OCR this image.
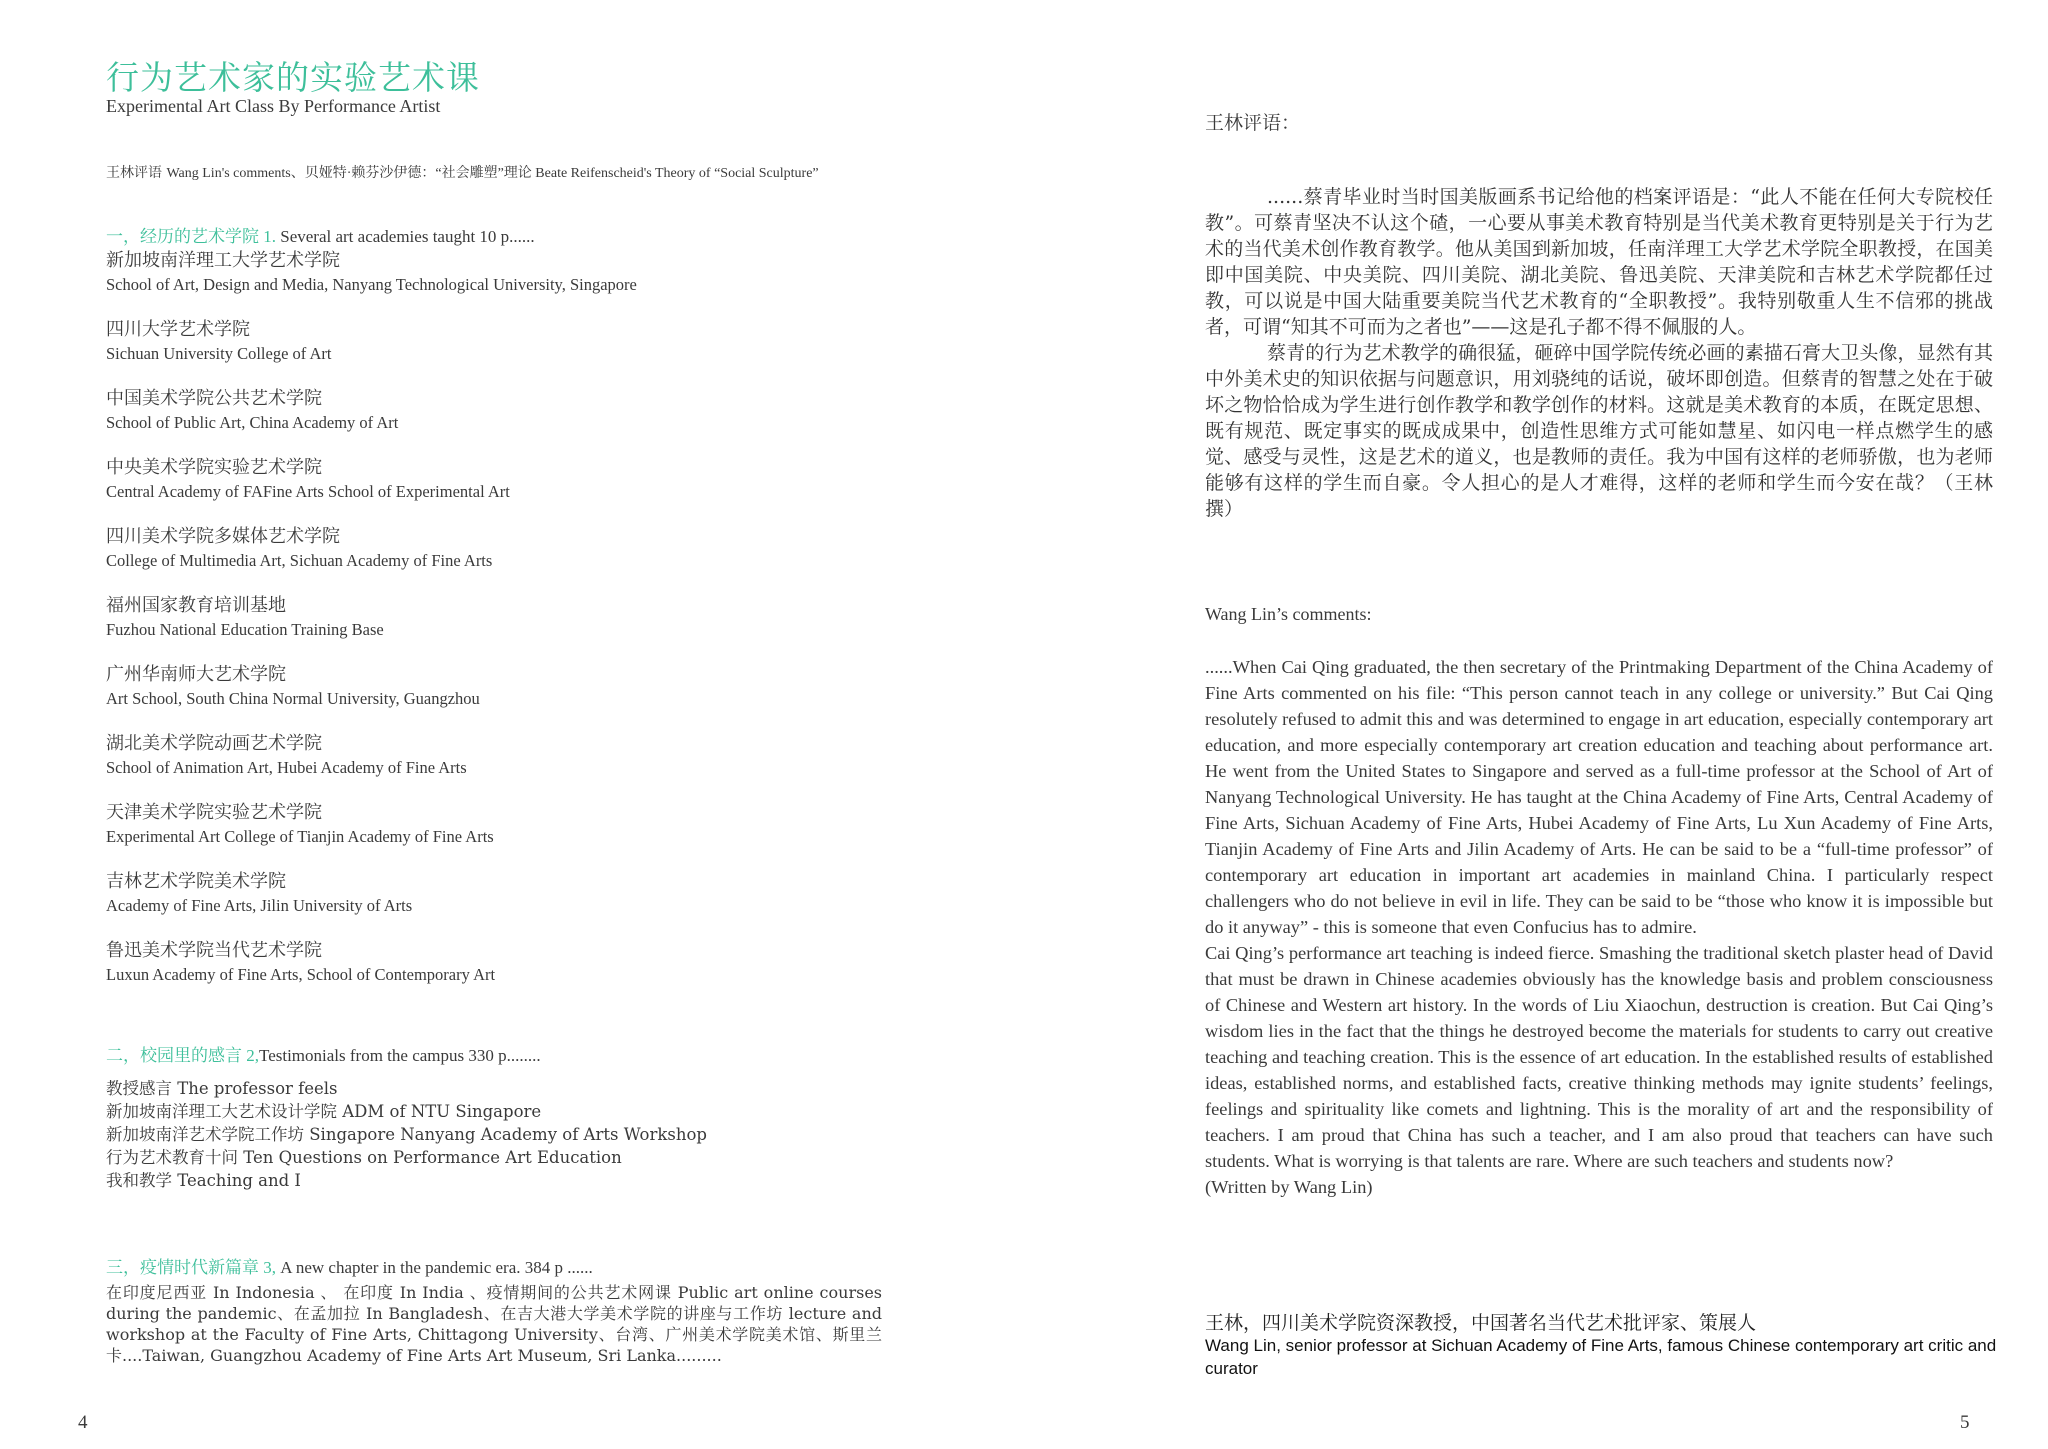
行为艺术家的实验艺术课
Experimental Art Class By Performance Artist
王林评语 Wang Lin's comments、贝娅特·赖芬沙伊德：“社会雕塑”理论 Beate Reifenscheid's Theory of “Social Sculpture”
一，经历的艺术学院 1. Several art academies taught 10 p......
新加坡南洋理工大学艺术学院
School of Art, Design and Media, Nanyang Technological University, Singapore
四川大学艺术学院
Sichuan University College of Art
中国美术学院公共艺术学院
School of Public Art, China Academy of Art
中央美术学院实验艺术学院
Central Academy of FAFine Arts School of Experimental Art
四川美术学院多媒体艺术学院
College of Multimedia Art, Sichuan Academy of Fine Arts
福州国家教育培训基地
Fuzhou National Education Training Base
广州华南师大艺术学院
Art School, South China Normal University, Guangzhou
湖北美术学院动画艺术学院
School of Animation Art, Hubei Academy of Fine Arts
天津美术学院实验艺术学院
Experimental Art College of Tianjin Academy of Fine Arts
吉林艺术学院美术学院
Academy of Fine Arts, Jilin University of Arts
鲁迅美术学院当代艺术学院
Luxun Academy of Fine Arts, School of Contemporary Art
二，校园里的感言 2,Testimonials from the campus 330 p........
教授感言 The professor feels
新加坡南洋理工大艺术设计学院 ADM of NTU Singapore
新加坡南洋艺术学院工作坊 Singapore Nanyang Academy of Arts Workshop
行为艺术教育十问 Ten Questions on Performance Art Education
我和教学 Teaching and I
三，疫情时代新篇章 3, A new chapter in the pandemic era. 384 p ......
在印度尼西亚 In Indonesia 、 在印度 In India 、疫情期间的公共艺术网课 Public art online courses during the pandemic、在孟加拉 In Bangladesh、在吉大港大学美术学院的讲座与工作坊 lecture and workshop at the Faculty of Fine Arts, Chittagong University、台湾、广州美术学院美术馆、斯里兰卡....Taiwan, Guangzhou Academy of Fine Arts Art Museum, Sri Lanka.........
4
王林评语：

......蔡青毕业时当时国美版画系书记给他的档案评语是：“此人不能在任何大专院校任教”。可蔡青坚决不认这个碴，一心要从事美术教育特别是当代美术教育更特别是关于行为艺术的当代美术创作教育教学。他从美国到新加坡，任南洋理工大学艺术学院全职教授，在国美即中国美院、中央美院、四川美院、湖北美院、鲁迅美院、天津美院和吉林艺术学院都任过教，可以说是中国大陆重要美院当代艺术教育的“全职教授”。我特别敬重人生不信邪的挑战者，可谓“知其不可而为之者也”——这是孔子都不得不佩服的人。

蔡青的行为艺术教学的确很猛，砸碎中国学院传统必画的素描石膏大卫头像，显然有其中外美术史的知识依据与问题意识，用刘骁纯的话说，破坏即创造。但蔡青的智慧之处在于破坏之物恰恰成为学生进行创作教学和教学创作的材料。这就是美术教育的本质，在既定思想、既有规范、既定事实的既成成果中，创造性思维方式可能如慧星、如闪电一样点燃学生的感觉、感受与灵性，这是艺术的道义，也是教师的责任。我为中国有这样的老师骄傲，也为老师能够有这样的学生而自豪。令人担心的是人才难得，这样的老师和学生而今安在哉？（王林撰）

Wang Lin’s comments:

......When Cai Qing graduated, the then secretary of the Printmaking Department of the China Academy of Fine Arts commented on his file: “This person cannot teach in any college or university.” But Cai Qing resolutely refused to admit this and was determined to engage in art education, especially contemporary art education, and more especially contemporary art creation education and teaching about performance art. He went from the United States to Singapore and served as a full-time professor at the School of Art of Nanyang Technological University. He has taught at the China Academy of Fine Arts, Central Academy of Fine Arts, Sichuan Academy of Fine Arts, Hubei Academy of Fine Arts, Lu Xun Academy of Fine Arts, Tianjin Academy of Fine Arts and Jilin Academy of Arts. He can be said to be a “full-time professor” of contemporary art education in important art academies in mainland China. I particularly respect challengers who do not believe in evil in life. They can be said to be “those who know it is impossible but do it anyway” - this is someone that even Confucius has to admire.

Cai Qing’s performance art teaching is indeed fierce. Smashing the traditional sketch plaster head of David that must be drawn in Chinese academies obviously has the knowledge basis and problem consciousness of Chinese and Western art history. In the words of Liu Xiaochun, destruction is creation. But Cai Qing’s wisdom lies in the fact that the things he destroyed become the materials for students to carry out creative teaching and teaching creation. This is the essence of art education. In the established results of established ideas, established norms, and established facts, creative thinking methods may ignite students’ feelings, feelings and spirituality like comets and lightning. This is the morality of art and the responsibility of teachers. I am proud that China has such a teacher, and I am also proud that teachers can have such students. What is worrying is that talents are rare. Where are such teachers and students now?

(Written by Wang Lin)

王林，四川美术学院资深教授，中国著名当代艺术批评家、策展人
Wang Lin, senior professor at Sichuan Academy of Fine Arts, famous Chinese contemporary art critic and curator
5
